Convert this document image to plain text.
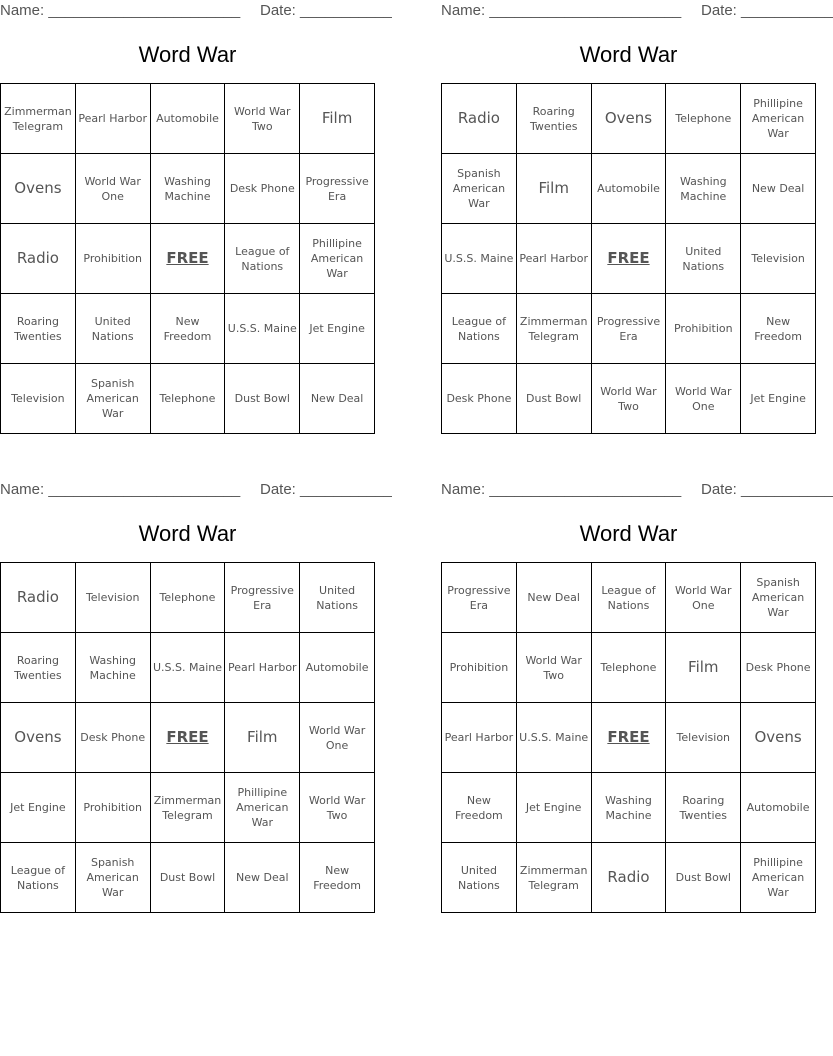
Name: _______________________ Date: ___________
Word War
Zimmerman Telegram	Pearl Harbor	Automobile	World War Two	Film
Ovens	World War One	Washing Machine	Desk Phone	Progressive Era
Radio	Prohibition	FREE	League of Nations	Phillipine American War
Roaring Twenties	United Nations	New Freedom	U.S.S. Maine	Jet Engine
Television	Spanish American War	Telephone	Dust Bowl	New Deal
Name: _______________________ Date: ___________
Word War
Radio	Roaring Twenties	Ovens	Telephone	Phillipine American War
Spanish American War	Film	Automobile	Washing Machine	New Deal
U.S.S. Maine	Pearl Harbor	FREE	United Nations	Television
League of Nations	Zimmerman Telegram	Progressive Era	Prohibition	New Freedom
Desk Phone	Dust Bowl	World War Two	World War One	Jet Engine
Name: _______________________ Date: ___________
Word War
Radio	Television	Telephone	Progressive Era	United Nations
Roaring Twenties	Washing Machine	U.S.S. Maine	Pearl Harbor	Automobile
Ovens	Desk Phone	FREE	Film	World War One
Jet Engine	Prohibition	Zimmerman Telegram	Phillipine American War	World War Two
League of Nations	Spanish American War	Dust Bowl	New Deal	New Freedom
Name: _______________________ Date: ___________
Word War
Progressive Era	New Deal	League of Nations	World War One	Spanish American War
Prohibition	World War Two	Telephone	Film	Desk Phone
Pearl Harbor	U.S.S. Maine	FREE	Television	Ovens
New Freedom	Jet Engine	Washing Machine	Roaring Twenties	Automobile
United Nations	Zimmerman Telegram	Radio	Dust Bowl	Phillipine American War
